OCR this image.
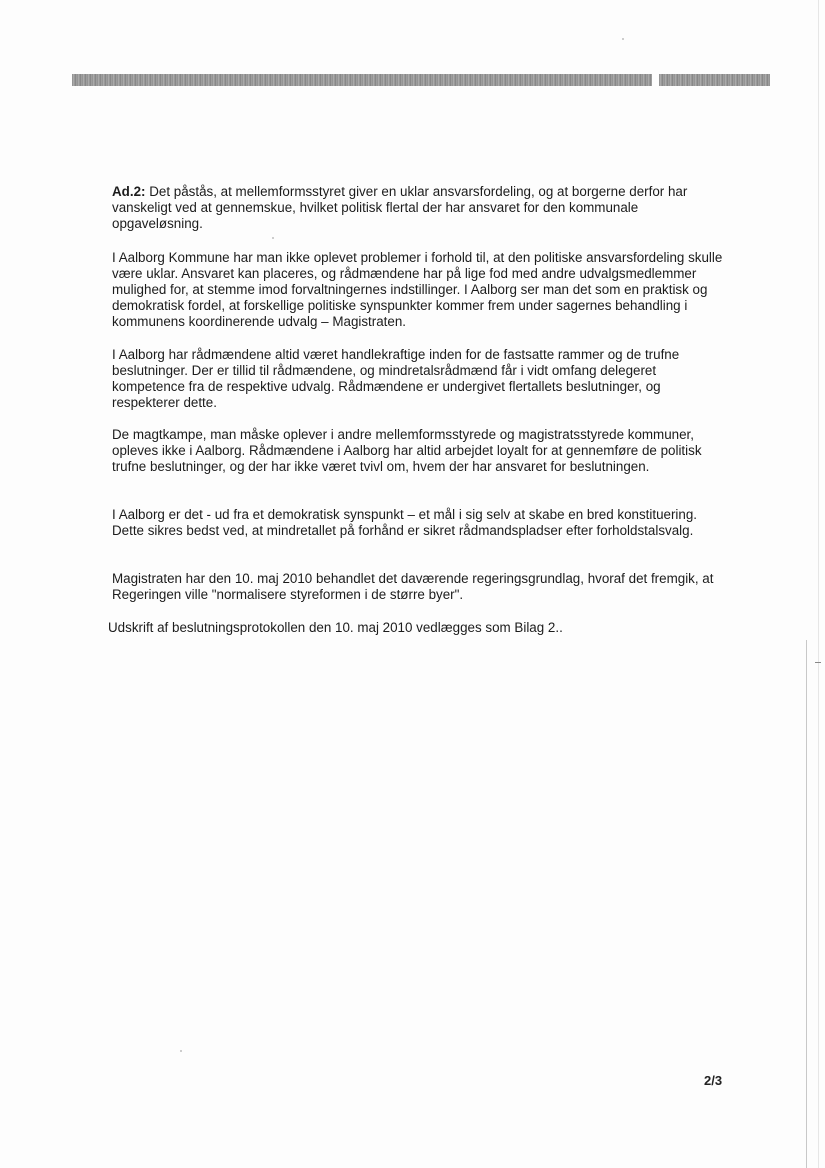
Ad.2: Det påstås, at mellemformsstyret giver en uklar ansvarsfordeling, og at borgerne derfor har vanskeligt ved at gennemskue, hvilket politisk flertal der har ansvaret for den kommunale opgaveløsning.

I Aalborg Kommune har man ikke oplevet problemer i forhold til, at den politiske ansvarsfordeling skulle være uklar. Ansvaret kan placeres, og rådmændene har på lige fod med andre udvalgsmedlemmer mulighed for, at stemme imod forvaltningernes indstillinger. I Aalborg ser man det som en praktisk og demokratisk fordel, at forskellige politiske synspunkter kommer frem under sagernes behandling i kommunens koordinerende udvalg – Magistraten.

I Aalborg har rådmændene altid været handlekraftige inden for de fastsatte rammer og de trufne beslutninger. Der er tillid til rådmændene, og mindretalsrådmænd får i vidt omfang delegeret kompetence fra de respektive udvalg. Rådmændene er undergivet flertallets beslutninger, og respekterer dette.

De magtkampe, man måske oplever i andre mellemformsstyrede og magistratsstyrede kommuner, opleves ikke i Aalborg. Rådmændene i Aalborg har altid arbejdet loyalt for at gennemføre de politisk trufne beslutninger, og der har ikke været tvivl om, hvem der har ansvaret for beslutningen.

I Aalborg er det - ud fra et demokratisk synspunkt – et mål i sig selv at skabe en bred konstituering. Dette sikres bedst ved, at mindretallet på forhånd er sikret rådmandspladser efter forholdstalsvalg.

Magistraten har den 10. maj 2010 behandlet det daværende regeringsgrundlag, hvoraf det fremgik, at Regeringen ville "normalisere styreformen i de større byer".

Udskrift af beslutningsprotokollen den 10. maj 2010 vedlægges som Bilag 2..

2/3
